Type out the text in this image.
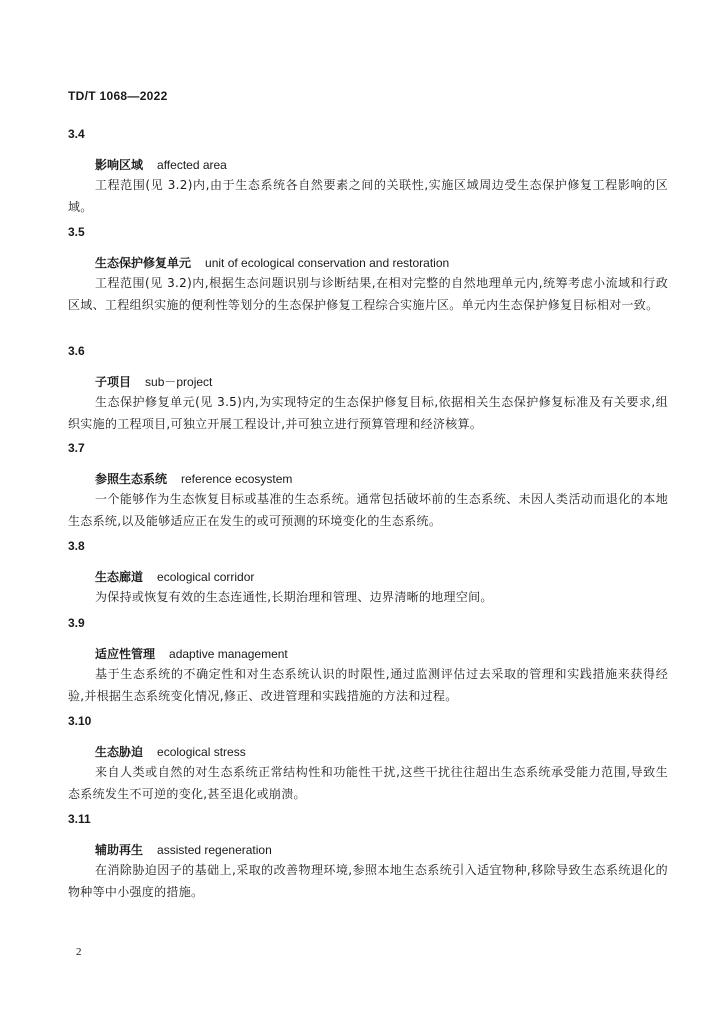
TD/T 1068—2022
3.4
影响区域 affected area
工程范围(见 3.2)内,由于生态系统各自然要素之间的关联性,实施区域周边受生态保护修复工程影响的区域。
3.5
生态保护修复单元 unit of ecological conservation and restoration
工程范围(见 3.2)内,根据生态问题识别与诊断结果,在相对完整的自然地理单元内,统筹考虑小流域和行政区域、工程组织实施的便利性等划分的生态保护修复工程综合实施片区。单元内生态保护修复目标相对一致。
3.6
子项目 sub－project
生态保护修复单元(见 3.5)内,为实现特定的生态保护修复目标,依据相关生态保护修复标准及有关要求,组织实施的工程项目,可独立开展工程设计,并可独立进行预算管理和经济核算。
3.7
参照生态系统 reference ecosystem
一个能够作为生态恢复目标或基准的生态系统。通常包括破坏前的生态系统、未因人类活动而退化的本地生态系统,以及能够适应正在发生的或可预测的环境变化的生态系统。
3.8
生态廊道 ecological corridor
为保持或恢复有效的生态连通性,长期治理和管理、边界清晰的地理空间。
3.9
适应性管理 adaptive management
基于生态系统的不确定性和对生态系统认识的时限性,通过监测评估过去采取的管理和实践措施来获得经验,并根据生态系统变化情况,修正、改进管理和实践措施的方法和过程。
3.10
生态胁迫 ecological stress
来自人类或自然的对生态系统正常结构性和功能性干扰,这些干扰往往超出生态系统承受能力范围,导致生态系统发生不可逆的变化,甚至退化或崩溃。
3.11
辅助再生 assisted regeneration
在消除胁迫因子的基础上,采取的改善物理环境,参照本地生态系统引入适宜物种,移除导致生态系统退化的物种等中小强度的措施。
2
